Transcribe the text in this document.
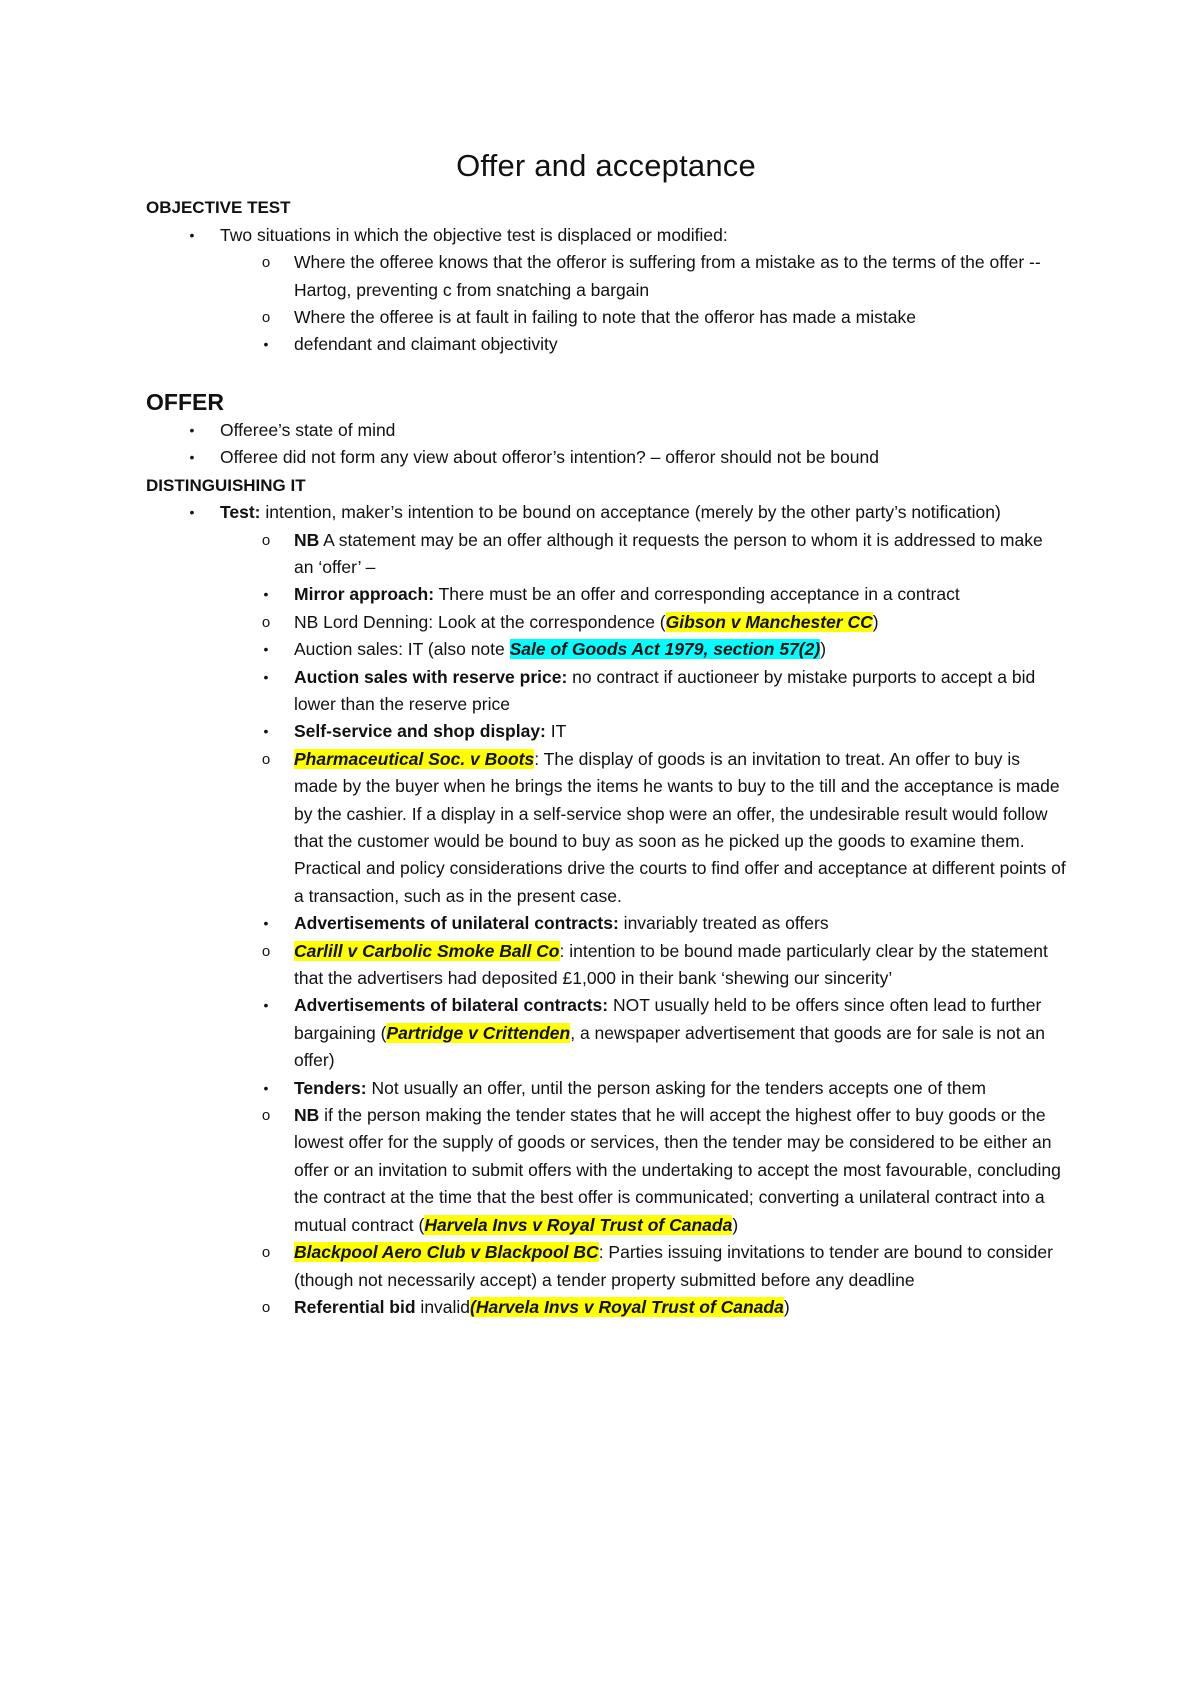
Offer and acceptance
OBJECTIVE TEST
•	Two situations in which the objective test is displaced or modified:
o	Where the offeree knows that the offeror is suffering from a mistake as to the terms of the offer --Hartog, preventing c from snatching a bargain
o	Where the offeree is at fault in failing to note that the offeror has made a mistake
•	defendant and claimant objectivity
OFFER
•	Offeree’s state of mind
•	Offeree did not form any view about offeror’s intention? – offeror should not be bound
DISTINGUISHING IT
•	Test: intention, maker’s intention to be bound on acceptance (merely by the other party’s notification)
o	NB A statement may be an offer although it requests the person to whom it is addressed to make an ‘offer’ –
•	Mirror approach: There must be an offer and corresponding acceptance in a contract
o	NB Lord Denning: Look at the correspondence (Gibson v Manchester CC)
•	Auction sales: IT (also note Sale of Goods Act 1979, section 57(2))
•	Auction sales with reserve price: no contract if auctioneer by mistake purports to accept a bid lower than the reserve price
•	Self-service and shop display: IT
o	Pharmaceutical Soc. v Boots: The display of goods is an invitation to treat. An offer to buy is made by the buyer when he brings the items he wants to buy to the till and the acceptance is made by the cashier. If a display in a self-service shop were an offer, the undesirable result would follow that the customer would be bound to buy as soon as he picked up the goods to examine them. Practical and policy considerations drive the courts to find offer and acceptance at different points of a transaction, such as in the present case.
•	Advertisements of unilateral contracts: invariably treated as offers
o	Carlill v Carbolic Smoke Ball Co: intention to be bound made particularly clear by the statement that the advertisers had deposited £1,000 in their bank ‘shewing our sincerity’
•	Advertisements of bilateral contracts: NOT usually held to be offers since often lead to further bargaining (Partridge v Crittenden, a newspaper advertisement that goods are for sale is not an offer)
•	Tenders: Not usually an offer, until the person asking for the tenders accepts one of them
o	NB if the person making the tender states that he will accept the highest offer to buy goods or the lowest offer for the supply of goods or services, then the tender may be considered to be either an offer or an invitation to submit offers with the undertaking to accept the most favourable, concluding the contract at the time that the best offer is communicated; converting a unilateral contract into a mutual contract (Harvela Invs v Royal Trust of Canada)
o	Blackpool Aero Club v Blackpool BC: Parties issuing invitations to tender are bound to consider (though not necessarily accept) a tender property submitted before any deadline
o	Referential bid invalid(Harvela Invs v Royal Trust of Canada)
